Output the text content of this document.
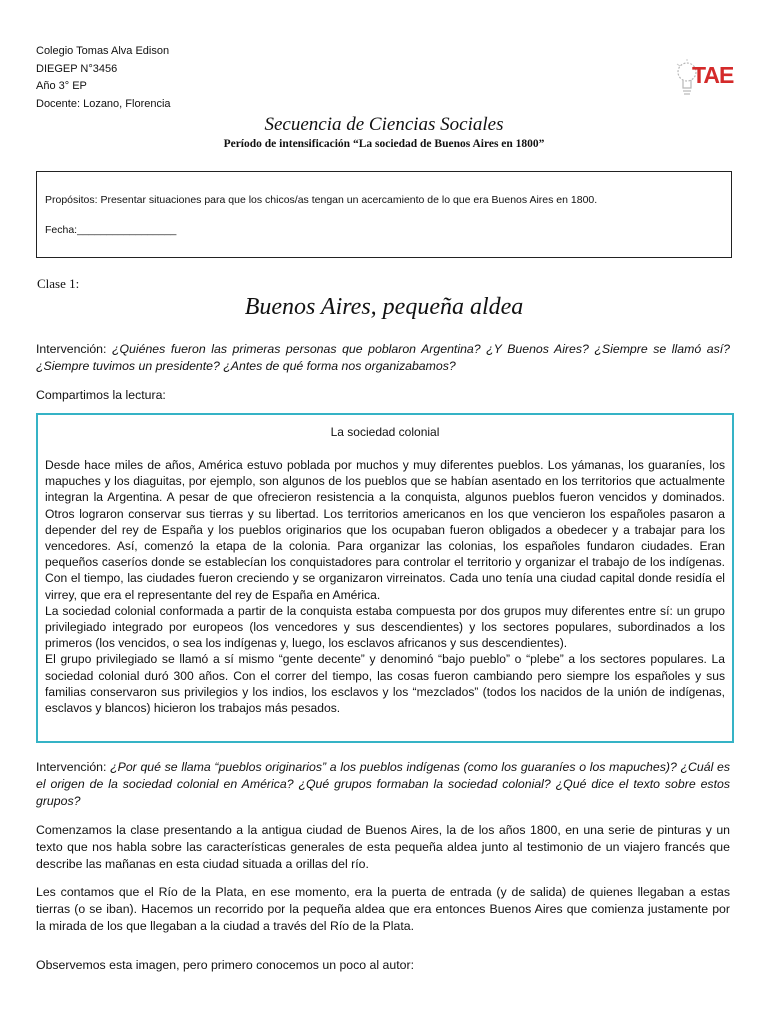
Colegio Tomas Alva Edison
DIEGEP N°3456
Año 3° EP
Docente: Lozano, Florencia
TAE
Secuencia de Ciencias Sociales
Período de intensificación “La sociedad de Buenos Aires en 1800”
Propósitos: Presentar situaciones para que los chicos/as tengan un acercamiento de lo que era Buenos Aires en 1800.
Fecha:_________________
Clase 1:
Buenos Aires, pequeña aldea
Intervención: ¿Quiénes fueron las primeras personas que poblaron Argentina? ¿Y Buenos Aires? ¿Siempre se llamó así? ¿Siempre tuvimos un presidente? ¿Antes de qué forma nos organizabamos?
Compartimos la lectura:
La sociedad colonial

Desde hace miles de años, América estuvo poblada por muchos y muy diferentes pueblos. Los yámanas, los guaraníes, los mapuches y los diaguitas, por ejemplo, son algunos de los pueblos que se habían asentado en los territorios que actualmente integran la Argentina. A pesar de que ofrecieron resistencia a la conquista, algunos pueblos fueron vencidos y dominados. Otros lograron conservar sus tierras y su libertad. Los territorios americanos en los que vencieron los españoles pasaron a depender del rey de España y los pueblos originarios que los ocupaban fueron obligados a obedecer y a trabajar para los vencedores. Así, comenzó la etapa de la colonia. Para organizar las colonias, los españoles fundaron ciudades. Eran pequeños caseríos donde se establecían los conquistadores para controlar el territorio y organizar el trabajo de los indígenas. Con el tiempo, las ciudades fueron creciendo y se organizaron virreinatos. Cada uno tenía una ciudad capital donde residía el virrey, que era el representante del rey de España en América.

La sociedad colonial conformada a partir de la conquista estaba compuesta por dos grupos muy diferentes entre sí: un grupo privilegiado integrado por europeos (los vencedores y sus descendientes) y los sectores populares, subordinados a los primeros (los vencidos, o sea los indígenas y, luego, los esclavos africanos y sus descendientes).

El grupo privilegiado se llamó a sí mismo “gente decente” y denominó “bajo pueblo” o “plebe” a los sectores populares. La sociedad colonial duró 300 años. Con el correr del tiempo, las cosas fueron cambiando pero siempre los españoles y sus familias conservaron sus privilegios y los indios, los esclavos y los “mezclados” (todos los nacidos de la unión de indígenas, esclavos y blancos) hicieron los trabajos más pesados.

Intervención: ¿Por qué se llama “pueblos originarios” a los pueblos indígenas (como los guaraníes o los mapuches)? ¿Cuál es el origen de la sociedad colonial en América? ¿Qué grupos formaban la sociedad colonial? ¿Qué dice el texto sobre estos grupos?
Comenzamos la clase presentando a la antigua ciudad de Buenos Aires, la de los años 1800, en una serie de pinturas y un texto que nos habla sobre las características generales de esta pequeña aldea junto al testimonio de un viajero francés que describe las mañanas en esta ciudad situada a orillas del río.
Les contamos que el Río de la Plata, en ese momento, era la puerta de entrada (y de salida) de quienes llegaban a estas tierras (o se iban). Hacemos un recorrido por la pequeña aldea que era entonces Buenos Aires que comienza justamente por la mirada de los que llegaban a la ciudad a través del Río de la Plata.
Observemos esta imagen, pero primero conocemos un poco al autor:
